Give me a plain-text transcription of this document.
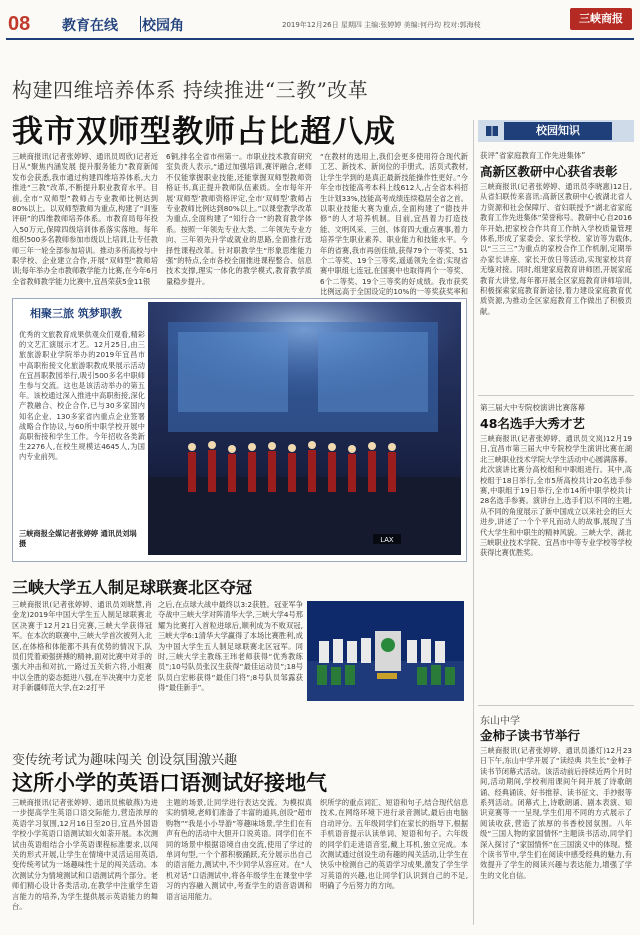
08 教育在线 校园角	2019年12月26日 星期四 主编:张婷婷 美编:何丹均 校对:郭海枝	三峡商报
构建四维培养体系 持续推进“三教”改革
我市双师型教师占比超八成
三峡商报讯(记者张婷婷、通讯员周欣)记者近日从“聚焦内涵发展 提升服务能力”教育新闻发布会获悉,我市通过构建四维培养体系,大力推进“三教”改革,不断提升职业教育水平。目前,全市“双师型”教师占专业教师比例达到80%以上。以双师型教师为重点,构建了“训鉴评研”的四维教师培养体系。市教育局每年投入50万元,保障四级培训体系落实落地。每年组织500多名教师参加市级以上培训,让专任教师三年一轮全部参加培训。推动多所高校与中职学校、企业建立合作,开展“双师型”教师培训;每年举办全市教师教学能力比赛,在今年6月全省教师教学能力比赛中,宜昌荣获5金11银
6铜,排名全省市州第一。市职业技术教育研究室负责人表示,“通过加强培训,赛评融合,老师不仅能掌握职业技能,还能掌握双师型教师资格证书,真正提升教师队伍素质。全市每年开展‘双师型’教师资格评定,全市‘双师型’教师占专业教师比例达到80%以上。”以课堂教学改革为重点,全面构建了“知行合一”的教育教学体系。按照一年领先专业大类、二年领先专业方向、三年领先升学或就业的思路,全面推行选择性课程改革。针对职教学生“形象思维能力强”的特点,全市各校全面推进课程整合、信息技术支撑,理实一体化的教学模式,教育教学质量稳步提升。
“在教材的选用上,我们会更多使用符合现代新工艺、新技术、新岗位的手册式、活页式教材,让学生学到的是真正最新技能操作性更好。”今年全市技能高考本科上线612人,占全省本科招生计划33%,技能高考成绩连续稳居全省之首。以职业技能大赛为重点,全面构建了“德技并修”的人才培养机制。目前,宜昌着力打造技能、文明风采、三创、体育四大重点赛事,着力培养学生职业素养、职业能力和技能水平。今年的省赛,我市再创佳绩,获得79个一等奖、51个二等奖、19个三等奖,遥遥领先全省;实现省赛中职组七连冠,在国赛中也取得两个一等奖、6个二等奖、19个三等奖的好成绩。我市获奖比例远高于全国设定的10%的一等奖获奖率和
校园知识
获评“省家庭教育工作先进集体”
高新区教研中心获省表彰
三峡商报讯(记者张婷婷、通讯员李晓惠)12日,从省妇联传来喜讯:高新区教研中心被湖北省人力资源和社会保障厅、省妇联授予“湖北省家庭教育工作先进集体”荣誉称号。教研中心自2016年开始,把家校合作共育工作纳入学校质量管理体系,形成了家委会、家长学校、家访等为载体,以“三三三”为重点的家校合作工作机制,定期举办家长讲座、家长开放日等活动,实现家校共育无缝对接。同时,组建家庭教育讲师团,开展家庭教育大讲堂,每年都开展全区家庭教育讲师培训,积极探索家庭教育新途径,着力建设家庭教育优质资源,为推动全区家庭教育工作做出了积极贡献。
第三届大中专院校演讲比赛落幕
48名选手大秀才艺
三峡商报讯(记者张婷婷、通讯员文岚)12月19日,宜昌市第三届大中专院校学生演讲比赛在湖北三峡职业技术学院大学生活动中心圆满落幕。此次演讲比赛分高校组和中职组进行。其中,高校组于18日举行,全市5所高校共计20名选手参赛,中职组于19日举行,全市14所中职学校共计28名选手参赛。演讲台上,选手们以不同的主题,从不同的角度展示了新中国成立以来社会的巨大进步,讲述了一个个平凡而动人的故事,展现了当代大学生和中职生的精神风貌。三峡大学、湖北三峡职业技术学院、宜昌市中等专业学校等学校获得比赛优胜奖。
东山中学
金柿子读书节举行
三峡商报讯(记者张婷婷、通讯员潘灯)12月23日下午,东山中学开展了“读经典 共生长”金柿子读书节闭幕式活动。该活动前后持续近两个月时间,活动期间,学校利用课间午间开展了诗歌朗诵、经典诵读、好书推荐、读书征文、手抄报等系列活动。闭幕式上,诗歌朗诵、剧本表演、知识竞赛等一一呈现,学生们用不同的方式展示了阅读收获,营造了浓厚的书香校园氛围。八年级“三国人物的家国情怀”主题读书活动,同学们深入探讨了“家国情怀”在三国演义中的体现。整个读书节中,学生们在阅读中感受经典的魅力,有效提升了学生的阅读兴趣与表达能力,增强了学生的文化自信。
相聚三旅 筑梦职教
优秀的文旅教育成果供观众们观看,精彩的文艺汇演展示才艺。12月25日,由三旅旅游职业学院举办的2019年宜昌市中高职衔接文化旅游职教成果展示活动在宜昌职教园举行,吸引500多名中职师生参与交流。这也是该活动举办的第五年。该校通过深入推进中高职衔接,深化产教融合、校企合作,已与30多家国内知名企业、130多家省内重点企业签署战略合作协议,与60所中职学校开展中高职衔接和学生工作。今年招收各类新生2276人,在校生规模达4645人,为国内专业前列。
三峡商报全媒记者张婷婷 通讯员刘埚 摄	LAX
三峡大学五人制足球联赛北区夺冠
三峡商报讯(记者张婷婷、通讯员刘晓慧,肖金龙)2019年中国大学生五人制足球联赛北区决赛于12月21日完赛,三峡大学获得冠军。在本次的联赛中,三峡大学首次被列入北区,在体格和体能都不具有优势的情况下,队员们凭着顽强拼搏的精神,面对比赛中对手的强大冲击和对抗,一路过五关斩六将,小组赛中以全胜的姿态挺进八强,在半决赛中力克老对手新疆师范大学,在2:2打平
之后,在点球大战中最终以3:2获胜。冠亚军争夺战中三峡大学对阵清华大学,三峡大学4号邢耀为比赛打入首粒进球后,顺利成为不败双冠,三峡大学6:1清华大学赢得了本场比赛胜利,成为中国大学生五人制足球联赛北区冠军。同时,三峡大学主教练王玮老师获得“优秀教练员”;10号队员张汉生获得“最佳运动员”;18号队员白宏彬获得“最佳门将”;8号队员邹露获得“最佳新手”。
变传统考试为趣味闯关 创设氛围激兴趣
这所小学的英语口语测试好接地气
三峡商报讯(记者张婷婷、通讯员熊敏燕)为进一步提高学生英语口语交际能力,营造浓厚的英语学习氛围,12月16日至20日,宜昌外国语学校小学英语口语测试如火如荼开展。本次测试由英语组结合小学英语课程标准要求,以闯关的形式开展,让学生在情境中灵活运用英语,变传统考试为一场趣味性十足的闯关活动。本次测试分为情境测试和口语测试两个部分。老师们精心设计各类活动,在教学中注重学生语言能力的培养,为学生提供展示英语能力的舞台。
主题的场景,让同学进行表达交流。为模拟真实的情境,老师们准备了丰富的道具,创设“超市购物”“我是小小导游”等趣味场景,学生们在有声有色的活动中大胆开口说英语。同学们在不同的场景中根据语境自由交流,使用了学过的单词句型,一个个都积极踊跃,充分展示出自己的语言能力,测试中,不少同学从容应对。在“人机对话”口语测试中,将各年级学生在课堂中学习的内容融入测试中,考查学生的语音语调和语言运用能力。
织所学的重点词汇、短语和句子,结合现代信息技术,在网络环境下进行录音测试,最后由电脑自动评分。五年级同学们在家长的指导下,根据手机语音提示认读单词、短语和句子。六年级的同学们走进语音室,戴上耳机,独立完成。本次测试通过创设生动有趣的闯关活动,让学生在快乐中检测自己的英语学习成果,激发了学生学习英语的兴趣,也让同学们认识到自己的不足,明确了今后努力的方向。
